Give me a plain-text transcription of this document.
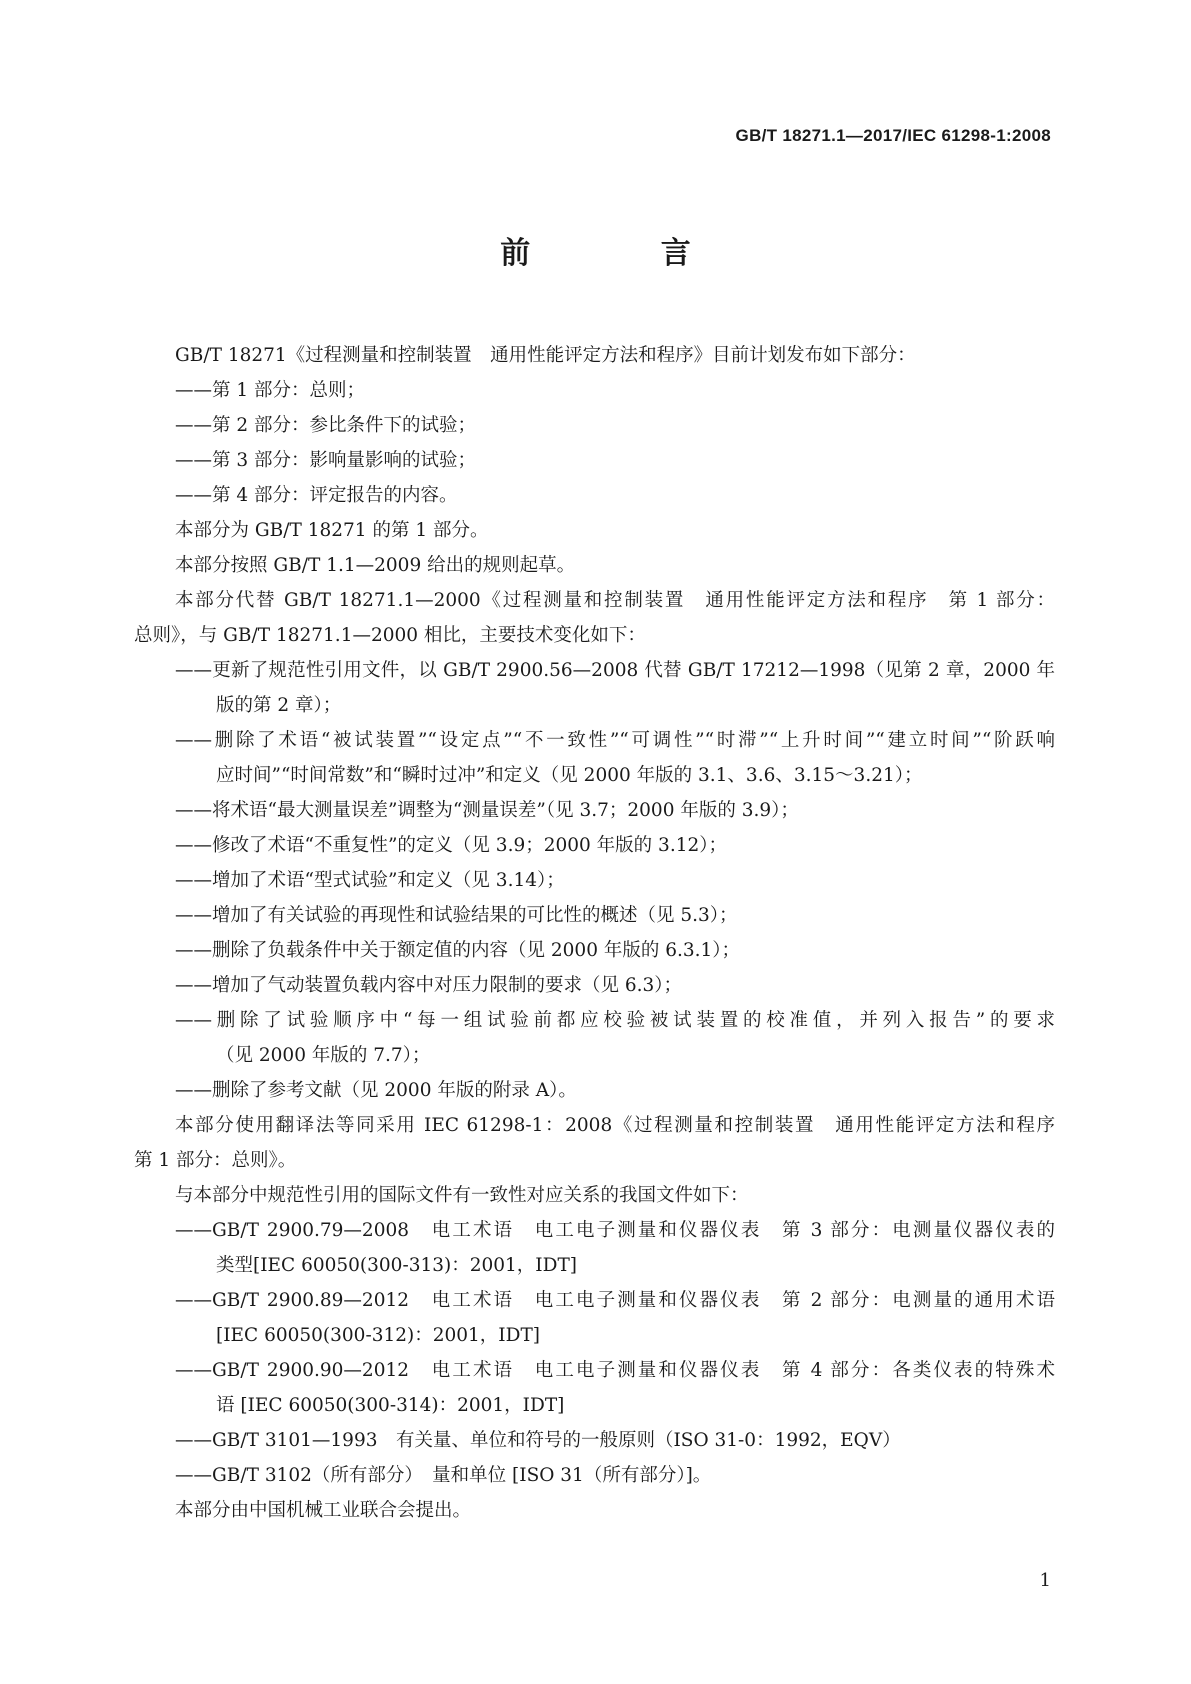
GB/T 18271.1—2017/IEC 61298-1:2008
前 言
GB/T 18271《过程测量和控制装置　通用性能评定方法和程序》目前计划发布如下部分：
——第 1 部分：总则；
——第 2 部分：参比条件下的试验；
——第 3 部分：影响量影响的试验；
——第 4 部分：评定报告的内容。
本部分为 GB/T 18271 的第 1 部分。
本部分按照 GB/T 1.1—2009 给出的规则起草。
本部分代替 GB/T 18271.1—2000《过程测量和控制装置　通用性能评定方法和程序　第 1 部分：
总则》，与 GB/T 18271.1—2000 相比，主要技术变化如下：
——更新了规范性引用文件，以 GB/T 2900.56—2008 代替 GB/T 17212—1998（见第 2 章，2000 年
版的第 2 章）；
——删除了术语“被试装置”“设定点”“不一致性”“可调性”“时滞”“上升时间”“建立时间”“阶跃响
应时间”“时间常数”和“瞬时过冲”和定义（见 2000 年版的 3.1、3.6、3.15～3.21）；
——将术语“最大测量误差”调整为“测量误差”（见 3.7；2000 年版的 3.9）；
——修改了术语“不重复性”的定义（见 3.9；2000 年版的 3.12）；
——增加了术语“型式试验”和定义（见 3.14）；
——增加了有关试验的再现性和试验结果的可比性的概述（见 5.3）；
——删除了负载条件中关于额定值的内容（见 2000 年版的 6.3.1）；
——增加了气动装置负载内容中对压力限制的要求（见 6.3）；
——删除了试验顺序中“每一组试验前都应校验被试装置的校准值，并列入报告”的要求
（见 2000 年版的 7.7）；
——删除了参考文献（见 2000 年版的附录 A）。
本部分使用翻译法等同采用 IEC 61298-1：2008《过程测量和控制装置　通用性能评定方法和程序
第 1 部分：总则》。
与本部分中规范性引用的国际文件有一致性对应关系的我国文件如下：
——GB/T 2900.79—2008　电工术语　电工电子测量和仪器仪表　第 3 部分：电测量仪器仪表的
类型[IEC 60050(300-313)：2001，IDT]
——GB/T 2900.89—2012　电工术语　电工电子测量和仪器仪表　第 2 部分：电测量的通用术语
[IEC 60050(300-312)：2001，IDT]
——GB/T 2900.90—2012　电工术语　电工电子测量和仪器仪表　第 4 部分：各类仪表的特殊术
语 [IEC 60050(300-314)：2001，IDT]
——GB/T 3101—1993　有关量、单位和符号的一般原则（ISO 31-0：1992，EQV）
——GB/T 3102（所有部分）　量和单位 [ISO 31（所有部分）]。
本部分由中国机械工业联合会提出。
1
